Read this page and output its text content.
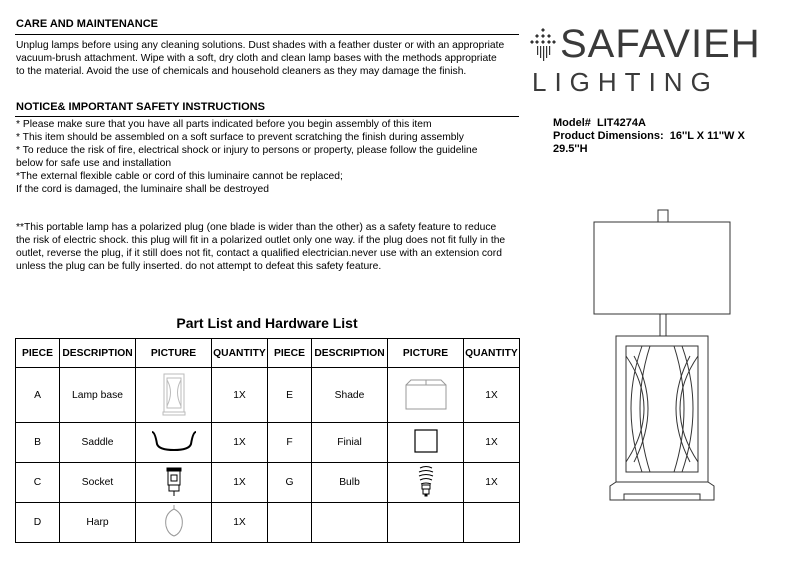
CARE AND MAINTENANCE
Unplug lamps before using any cleaning solutions. Dust shades with a feather duster or with an appropriate
vacuum-brush attachment. Wipe with a soft, dry cloth and clean lamp bases with the methods appropriate
to the material. Avoid the use of chemicals and household cleaners as they may damage the finish.
NOTICE& IMPORTANT SAFETY INSTRUCTIONS
* Please make sure that you have all parts indicated before you begin assembly of this item
* This item should be assembled on a soft surface to prevent scratching the finish during assembly
* To reduce the risk of fire, electrical shock or injury to persons or property, please follow the guideline
below for safe use and installation
*The external flexible cable or cord of this luminaire cannot be replaced;
If the cord is damaged, the luminaire shall be destroyed
**This portable lamp has a polarized plug (one blade is wider than the other) as a safety feature to reduce
the risk of electric shock. this plug will fit in a polarized outlet only one way. if the plug does not fit fully in the
outlet, reverse the plug, if it still does not fit, contact a qualified electrician.never use with an extension cord
unless the plug can be fully inserted. do not attempt to defeat this safety feature.
SAFAVIEH
LIGHTING
Model# LIT4274A
Product Dimensions: 16''L X 11''W X
29.5''H
Part List and Hardware List
PIECE	DESCRIPTION	PICTURE	QUANTITY	PIECE	DESCRIPTION	PICTURE	QUANTITY
A	Lamp base		1X	E	Shade		1X
B	Saddle		1X	F	Finial		1X
C	Socket		1X	G	Bulb		1X
D	Harp		1X				
